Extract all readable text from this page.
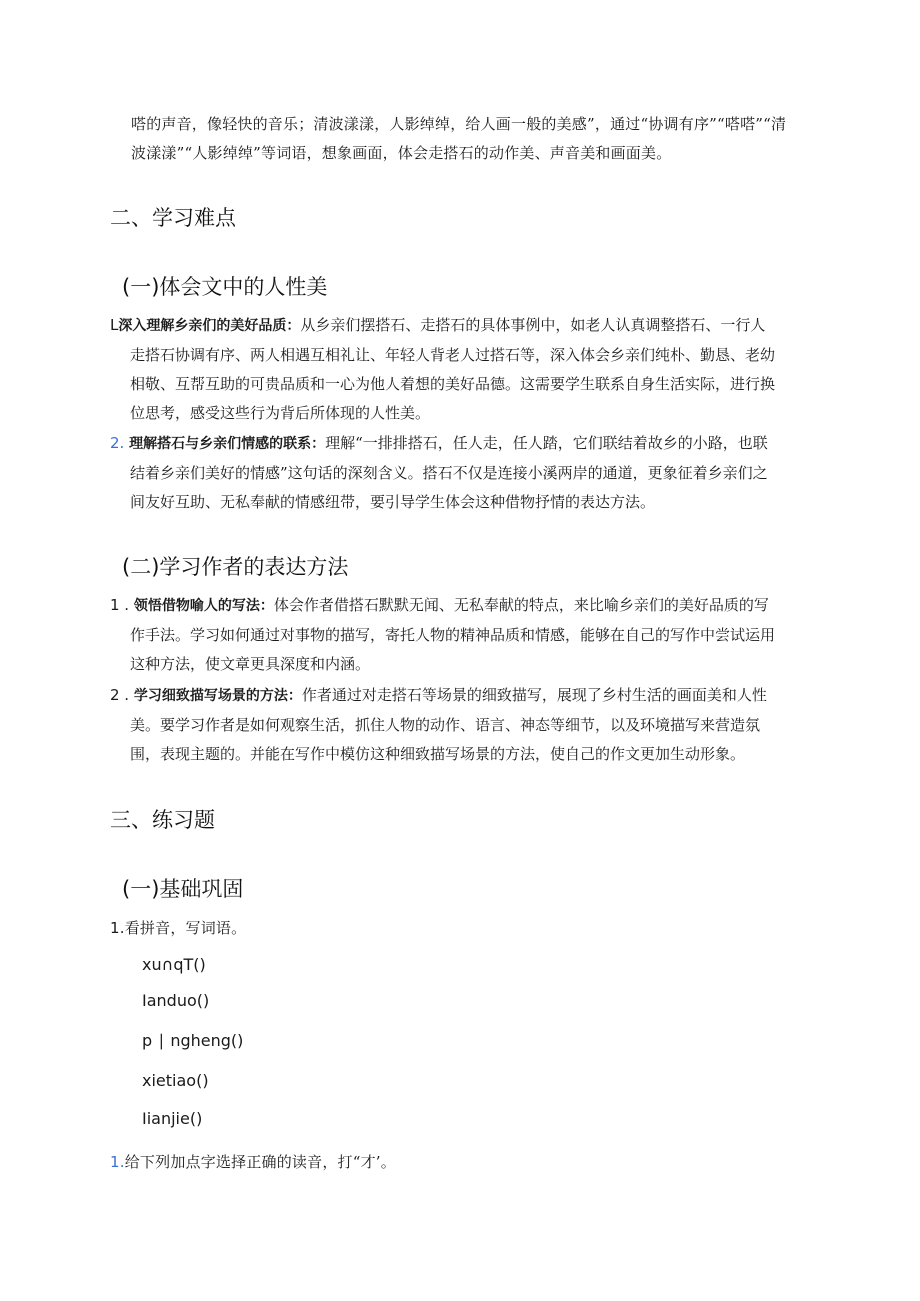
嗒的声音，像轻快的音乐；清波漾漾，人影绰绰，给人画一般的美感”，通过“协调有序”“嗒嗒”“清

波漾漾”“人影绰绰”等词语，想象画面，体会走搭石的动作美、声音美和画面美。

二、学习难点
(一)体会文中的人性美
L深入理解乡亲们的美好品质：从乡亲们摆搭石、走搭石的具体事例中，如老人认真调整搭石、一行人
走搭石协调有序、两人相遇互相礼让、年轻人背老人过搭石等，深入体会乡亲们纯朴、勤恳、老幼
相敬、互帮互助的可贵品质和一心为他人着想的美好品德。这需要学生联系自身生活实际，进行换
位思考，感受这些行为背后所体现的人性美。
2. 理解搭石与乡亲们情感的联系：理解“一排排搭石，任人走，任人踏，它们联结着故乡的小路，也联
结着乡亲们美好的情感”这句话的深刻含义。搭石不仅是连接小溪两岸的通道，更象征着乡亲们之
间友好互助、无私奉献的情感纽带，要引导学生体会这种借物抒情的表达方法。
(二)学习作者的表达方法
1 . 领悟借物喻人的写法：体会作者借搭石默默无闻、无私奉献的特点，来比喻乡亲们的美好品质的写
作手法。学习如何通过对事物的描写，寄托人物的精神品质和情感，能够在自己的写作中尝试运用
这种方法，使文章更具深度和内涵。
2 . 学习细致描写场景的方法：作者通过对走搭石等场景的细致描写，展现了乡村生活的画面美和人性
美。要学习作者是如何观察生活，抓住人物的动作、语言、神态等细节，以及环境描写来营造氛
围，表现主题的。并能在写作中模仿这种细致描写场景的方法，使自己的作文更加生动形象。
三、练习题
(一)基础巩固

1.看拼音，写词语。

xu∩qT()

Ianduo()

p ∣ ngheng()

xietiao()

Iianjie()

1.给下列加点字选择正确的读音，打“才’。
